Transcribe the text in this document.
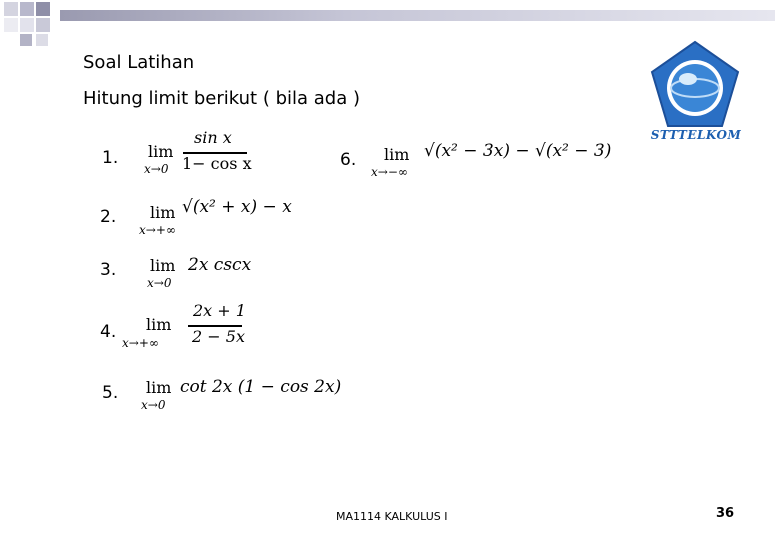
Soal Latihan
Hitung limit berikut ( bila ada )
STTTELKOM
1. lim
x→0
sin x
1− cos x
2. lim
x→+∞
√(x² + x) − x
3. lim
x→0
2x cscx
4. lim
x→+∞
2x + 1
2 − 5x
5. lim
x→0
cot 2x (1 − cos 2x)
6. lim
x→−∞
√(x² − 3x) − √(x² − 3)
MA1114 KALKULUS I	36
